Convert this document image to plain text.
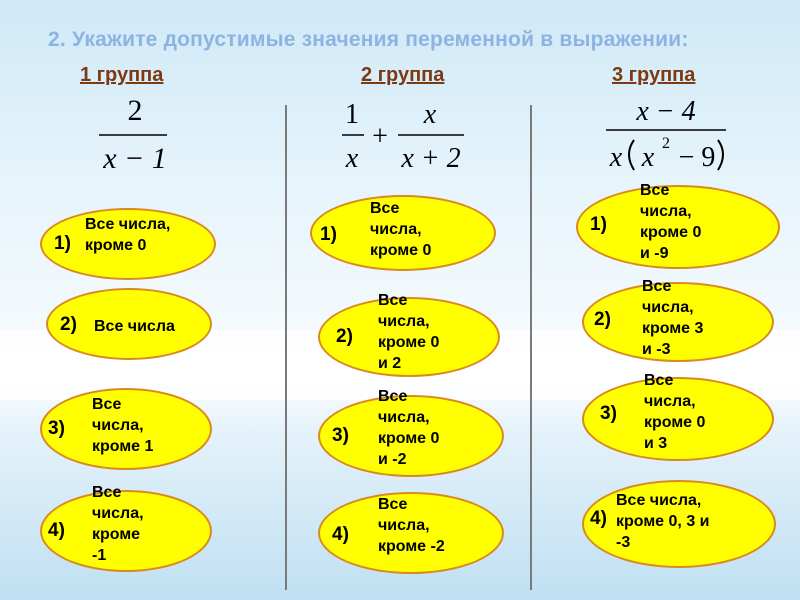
2. Укажите допустимые значения переменной в выражении:
1 группа	2 группа	3 группа
2
x − 1
1
x
+
x
x + 2
x − 4
x x 2 − 9
1)
Все числа,
кроме 0
2) Все числа
3)
Все
числа,
кроме 1
4)
Все
числа,
кроме
-1
1)
Все
числа,
кроме 0
2)
Все
числа,
кроме 0
и 2
3)
Все
числа,
кроме 0
и -2
4)
Все
числа,
кроме -2
1)
Все
числа,
кроме 0
и -9
2)
Все
числа,
кроме 3
и -3
3)
Все
числа,
кроме 0
и 3
4)
Все числа,
кроме 0, 3 и
-3
